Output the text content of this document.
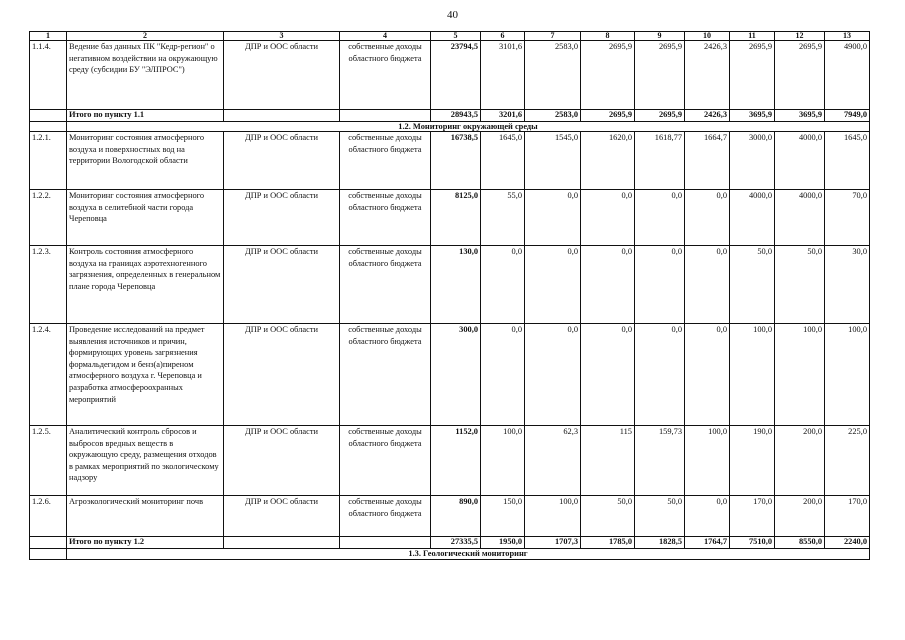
40
1	2	3	4	5	6	7	8	9	10	11	12	13
1.1.4.	Ведение баз данных ПК "Кедр-регион" о негативном воздействии на окружающую среду (субсидии БУ "ЭЛПРОС")	ДПР и ООС области	собственные доходы областного бюджета	23794,5	3101,6	2583,0	2695,9	2695,9	2426,3	2695,9	2695,9	4900,0
	Итого по пункту 1.1			28943,5	3201,6	2583,0	2695,9	2695,9	2426,3	3695,9	3695,9	7949,0
	1.2. Мониторинг окружающей среды											
1.2.1.	Мониторинг состояния атмосферного воздуха и поверхностных вод на территории Вологодской области	ДПР и ООС области	собственные доходы областного бюджета	16738,5	1645,0	1545,0	1620,0	1618,77	1664,7	3000,0	4000,0	1645,0
1.2.2.	Мониторинг состояния атмосферного воздуха в селитебной части города Череповца	ДПР и ООС области	собственные доходы областного бюджета	8125,0	55,0	0,0	0,0	0,0	0,0	4000,0	4000,0	70,0
1.2.3.	Контроль состояния атмосферного воздуха на границах аэротехногенного загрязнения, определенных в генеральном плане города Череповца	ДПР и ООС области	собственные доходы областного бюджета	130,0	0,0	0,0	0,0	0,0	0,0	50,0	50,0	30,0
1.2.4.	Проведение исследований на предмет выявления источников и причин, формирующих уровень загрязнения формальдегидом и бенз(а)пиреном атмосферного воздуха г. Череповца и разработка атмосфероохранных мероприятий	ДПР и ООС области	собственные доходы областного бюджета	300,0	0,0	0,0	0,0	0,0	0,0	100,0	100,0	100,0
1.2.5.	Аналитический контроль сбросов и выбросов вредных веществ в окружающую среду, размещения отходов в рамках мероприятий по экологическому надзору	ДПР и ООС области	собственные доходы областного бюджета	1152,0	100,0	62,3	115	159,73	100,0	190,0	200,0	225,0
1.2.6.	Агроэкологический мониторинг почв	ДПР и ООС области	собственные доходы областного бюджета	890,0	150,0	100,0	50,0	50,0	0,0	170,0	200,0	170,0
	Итого по пункту 1.2			27335,5	1950,0	1707,3	1785,0	1828,5	1764,7	7510,0	8550,0	2240,0
	1.3. Геологический мониторинг											
